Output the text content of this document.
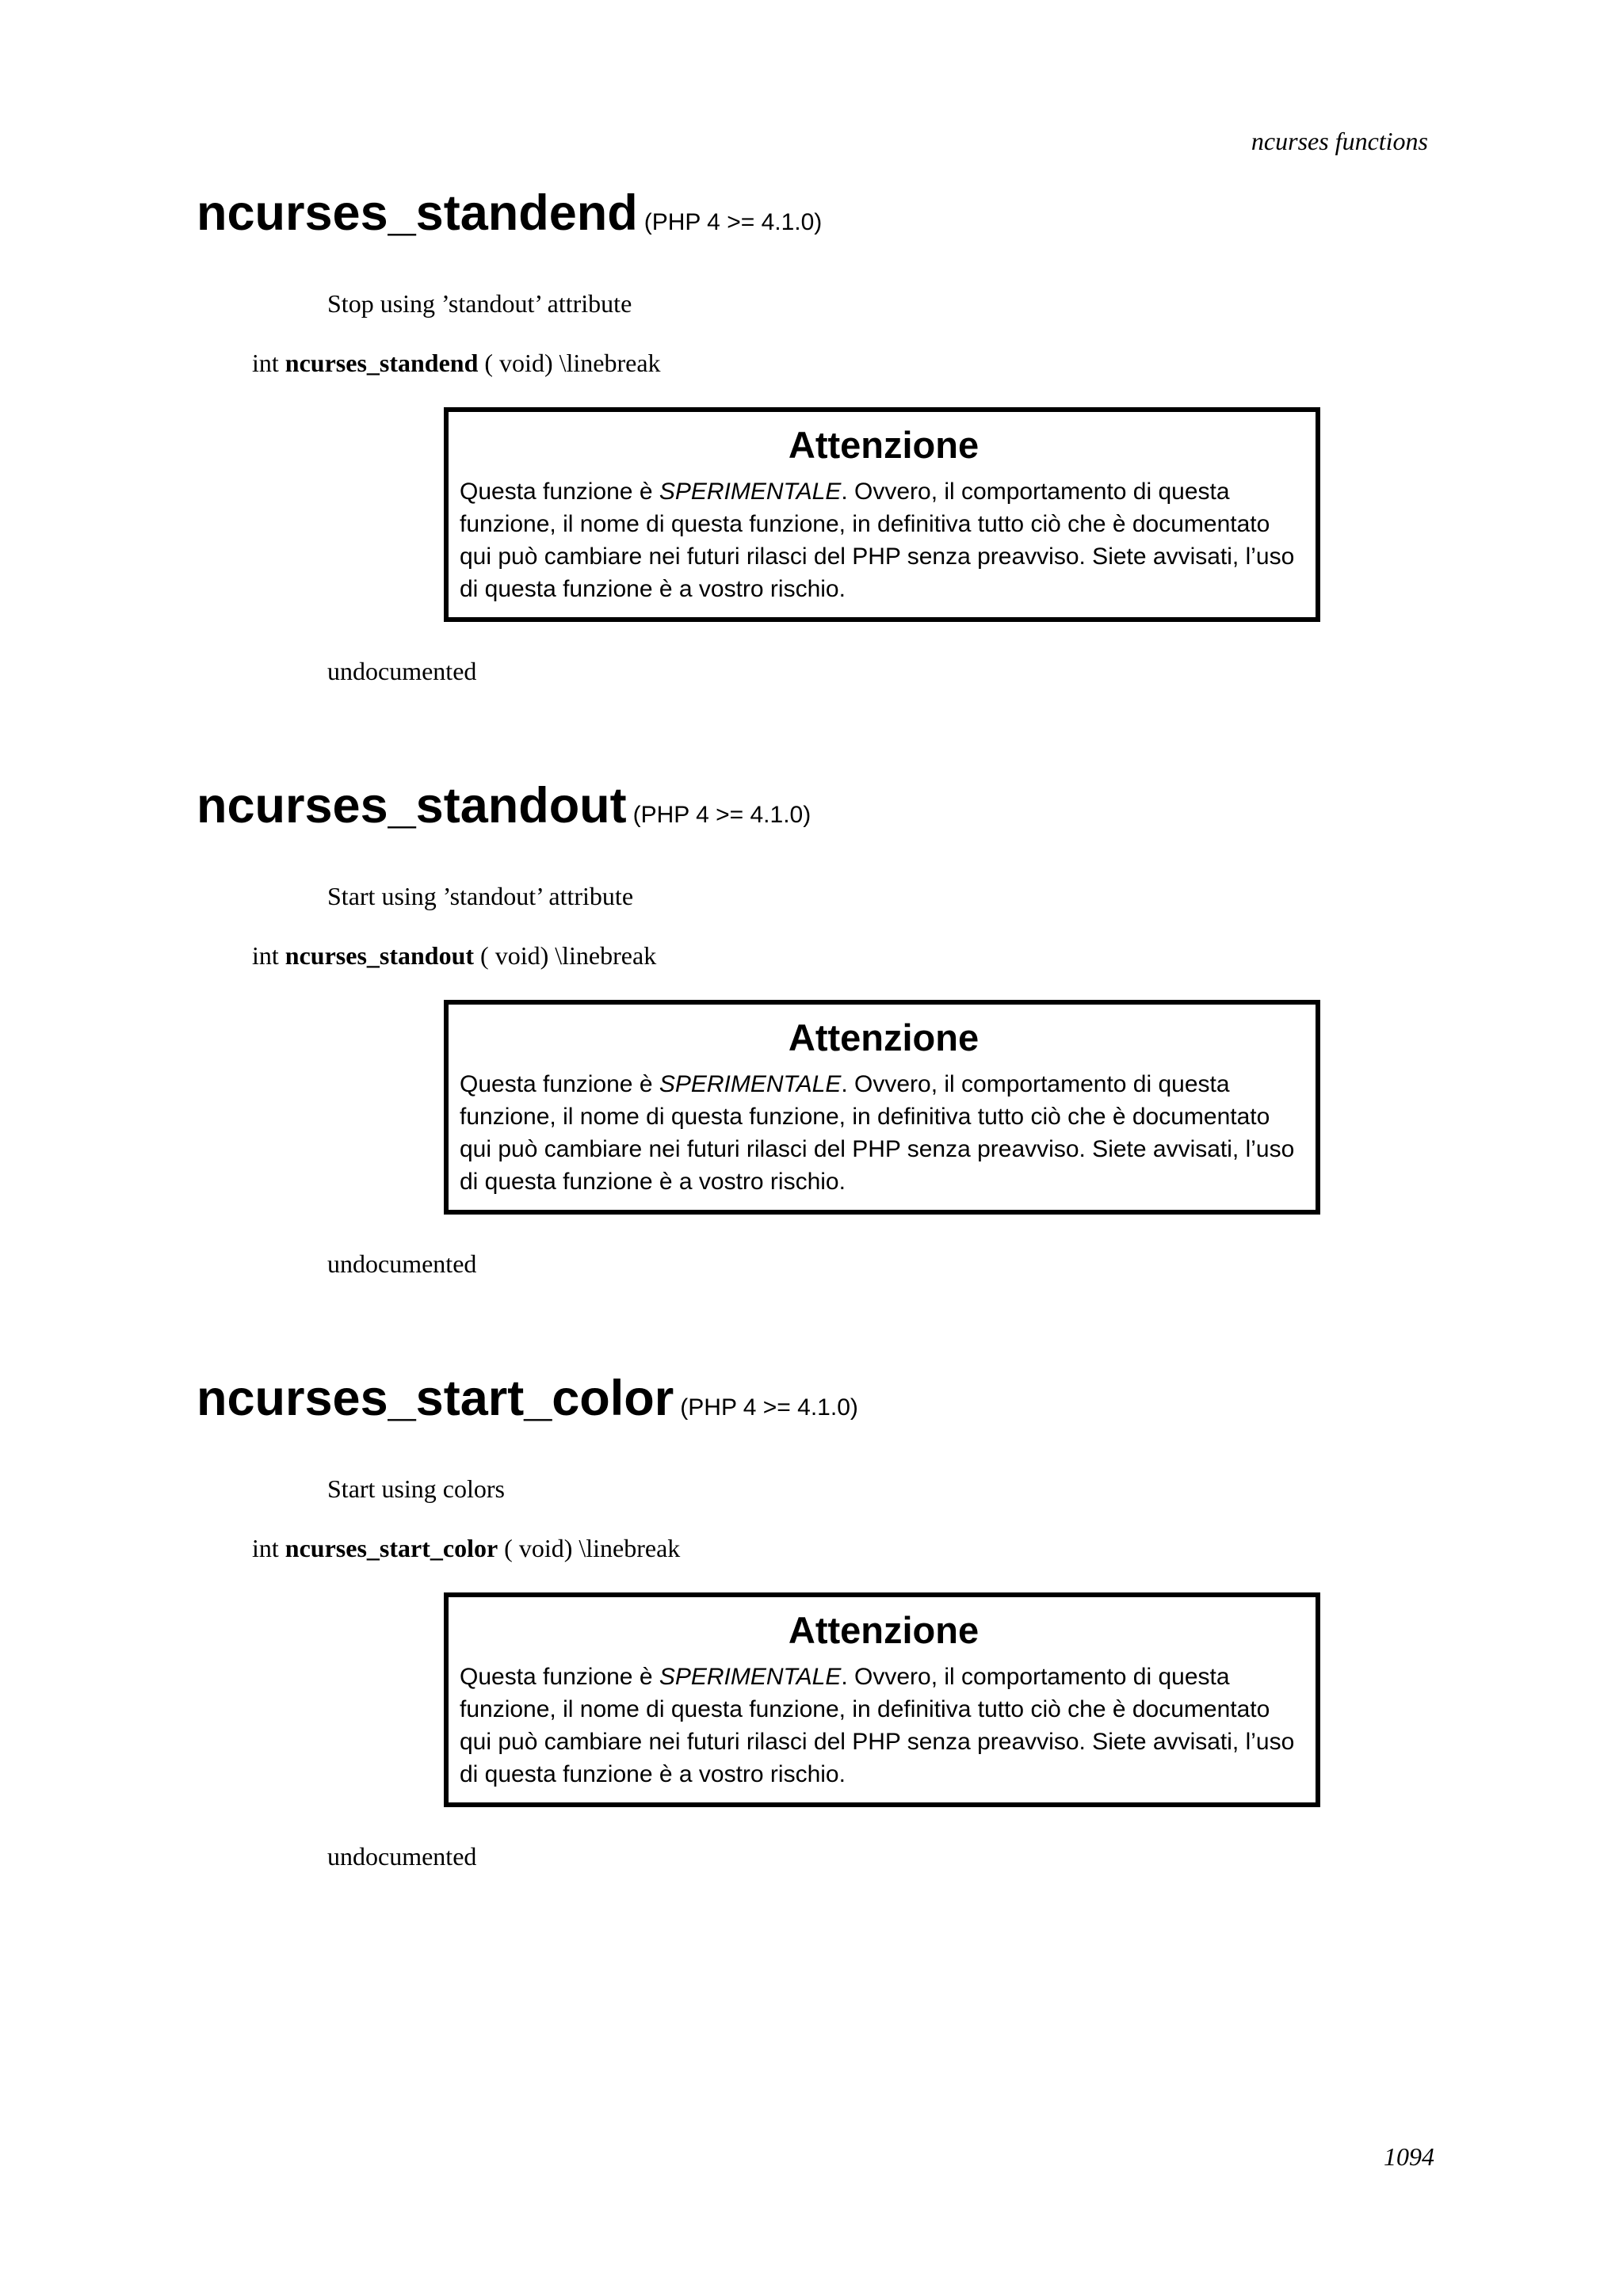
ncurses functions

ncurses_standend (PHP 4 >= 4.1.0)

Stop using ’standout’ attribute

int ncurses_standend ( void) \linebreak

Attenzione

Questa funzione è SPERIMENTALE. Ovvero, il comportamento di questa funzione, il nome di questa funzione, in definitiva tutto ciò che è documentato qui può cambiare nei futuri rilasci del PHP senza preavviso. Siete avvisati, l’uso di questa funzione è a vostro rischio.

undocumented

ncurses_standout (PHP 4 >= 4.1.0)

Start using ’standout’ attribute

int ncurses_standout ( void) \linebreak

Attenzione

Questa funzione è SPERIMENTALE. Ovvero, il comportamento di questa funzione, il nome di questa funzione, in definitiva tutto ciò che è documentato qui può cambiare nei futuri rilasci del PHP senza preavviso. Siete avvisati, l’uso di questa funzione è a vostro rischio.

undocumented

ncurses_start_color (PHP 4 >= 4.1.0)

Start using colors

int ncurses_start_color ( void) \linebreak

Attenzione

Questa funzione è SPERIMENTALE. Ovvero, il comportamento di questa funzione, il nome di questa funzione, in definitiva tutto ciò che è documentato qui può cambiare nei futuri rilasci del PHP senza preavviso. Siete avvisati, l’uso di questa funzione è a vostro rischio.

undocumented

1094
